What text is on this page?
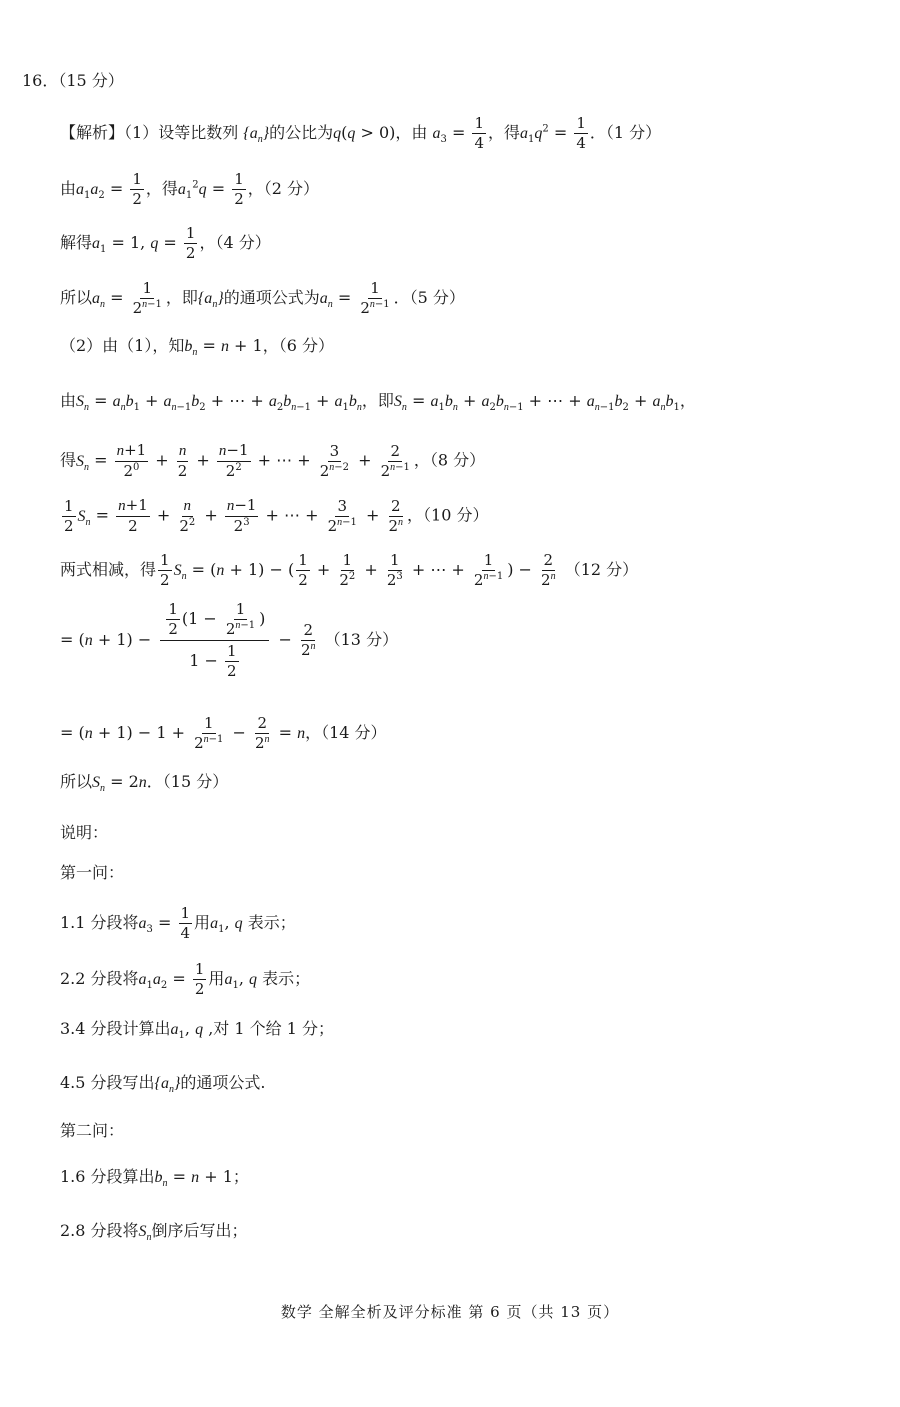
16．（15 分）
【解析】（1）设等比数列 $\{a_n\}$的公比为q(q > 0)，由 $a_3 = \frac{1}{4}$ ，得$a_1q^2 = \frac{1}{4}$ ．（1 分）
由$a_1a_2 = \frac{1}{2}$ ，得$a_1^2q = \frac{1}{2}$ ，（2 分）
解得$a_1 = 1$, $q = \frac{1}{2}$ ，（4 分）
所以$a_n = \frac{1}{2^{n-1}}$ ，即$\{a_n\}$的通项公式为$a_n = \frac{1}{2^{n-1}}$ ．（5 分）
（2）由（1），知$b_n = n + 1$，（6 分）
由$S_n = a_nb_1 + a_{n-1}b_2$ + ⋯ + $a_2b_{n-1} + a_1b_n$，即$S_n = a_1b_n + a_2b_{n-1}$ + ⋯ + $a_{n-1}b_2 + a_nb_1$，
得$S_n = \frac{n+1}{2^0} + \frac{n}{2} + \frac{n-1}{2^2}$ + ⋯ + $\frac{3}{2^{n-2}} + \frac{2}{2^{n-1}}$ ，（8 分）
$\frac{1}{2} S_n = \frac{n+1}{2} + \frac{n}{2^2} + \frac{n-1}{2^3}$ + ⋯ + $\frac{3}{2^{n-1}} + \frac{2}{2^n}$ ，（10 分）
两式相减，得 $\frac{1}{2} S_n = (n + 1)$ − ( $\frac{1}{2} + \frac{1}{2^2} + \frac{1}{2^3}$ + ⋯ + $\frac{1}{2^{n-1}}$ ) − $\frac{2}{2^n} (12$ 分）
= $(n + 1) - \frac{\frac{1}{2} (1 - \frac{1}{2^{n-1}} )}{1 - \frac{1}{2}} - \frac{2}{2^n} (13$ 分）
= $(n + 1) - 1 + \frac{1}{2^{n-1}} - \frac{2}{2^n} = n$，（14 分）
所以$S_n = 2n$．（15 分）
说明：
第一问：
1.1 分段将$a_3 = \frac{1}{4}$ 用$a_1$, q 表示；
2.2 分段将$a_1a_2 = \frac{1}{2}$ 用$a_1$, q 表示；
3.4 分段计算出$a_1$, q ,对 1 个给 1 分；
4.5 分段写出$\{a_n\}$的通项公式.
第二问：
1.6 分段算出$b_n = n + 1$；
2.8 分段将$S_n$倒序后写出；
数学 全解全析及评分标准 第 6 页（共 13 页）
